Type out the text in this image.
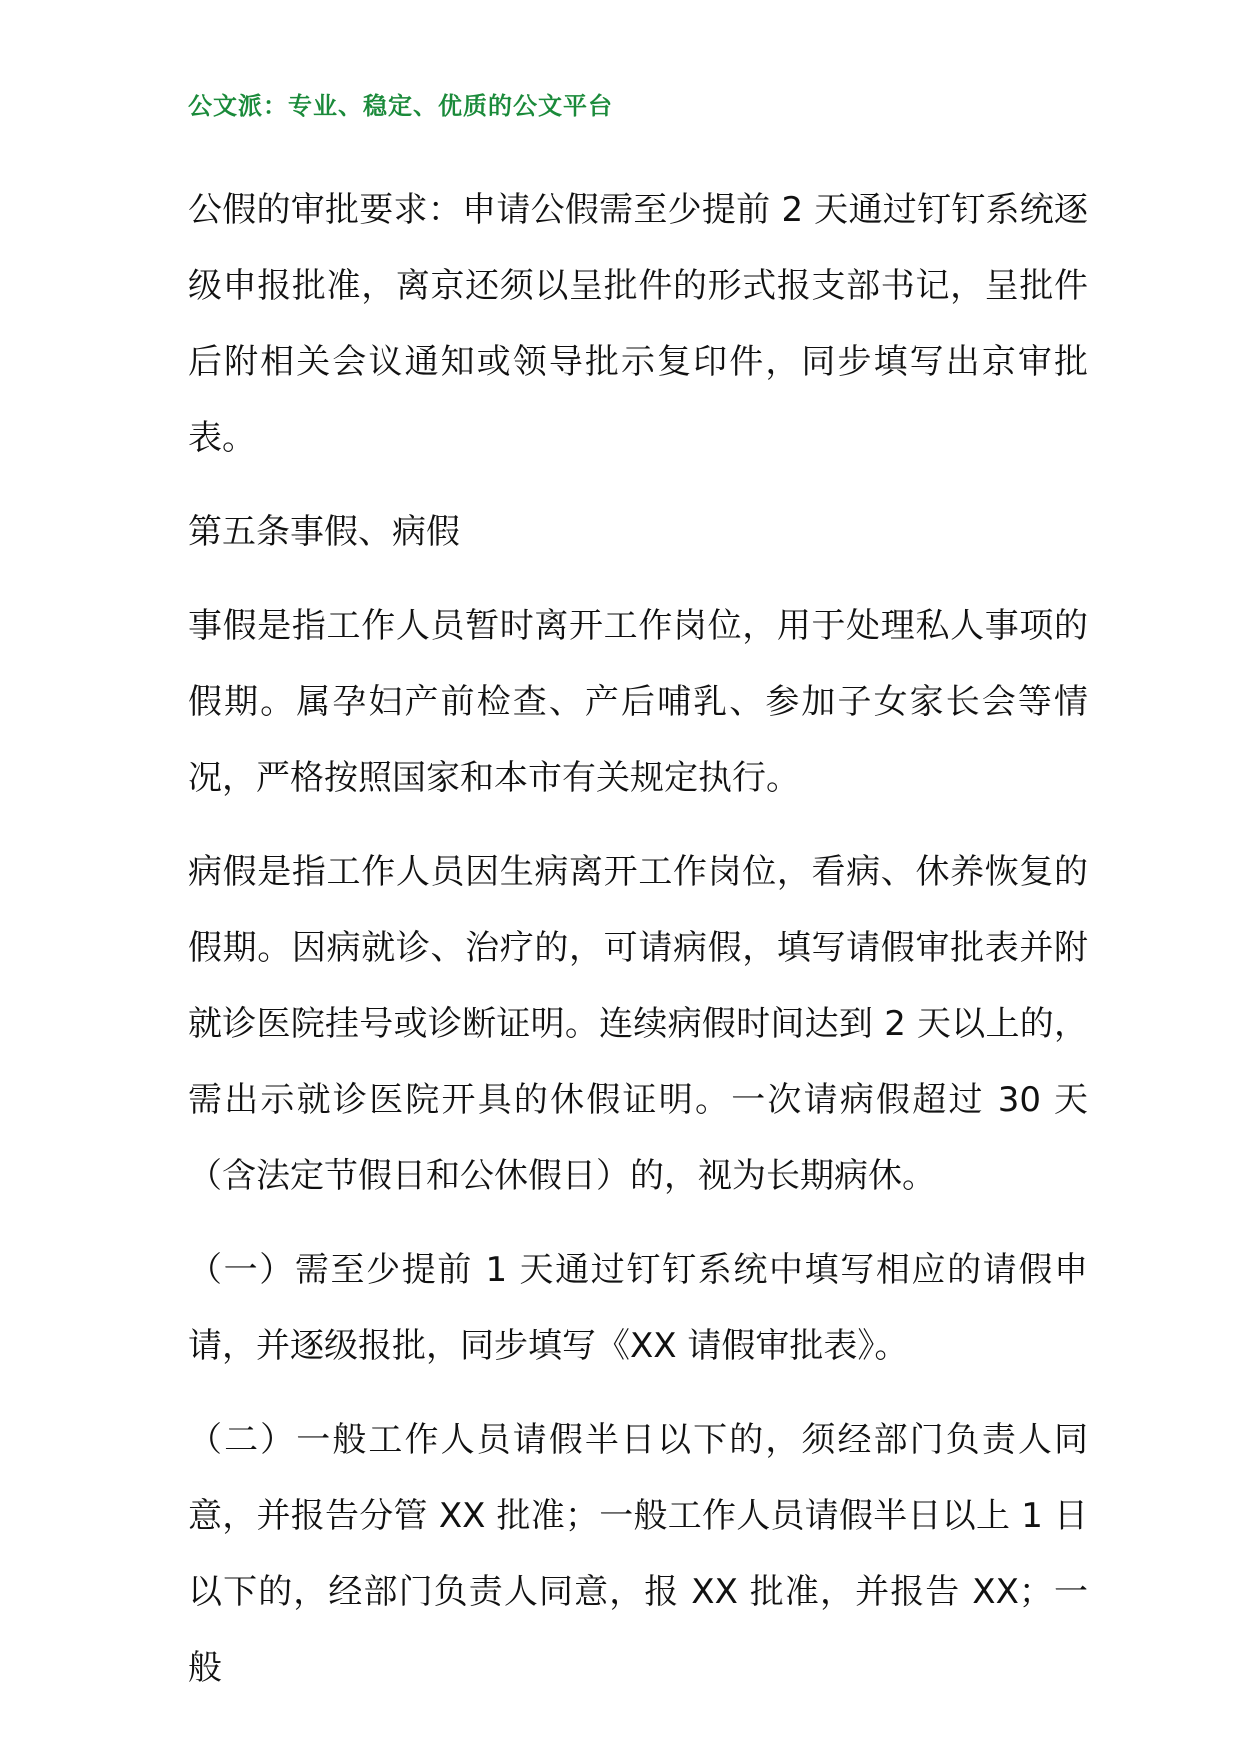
公文派：专业、稳定、优质的公文平台

公假的审批要求：申请公假需至少提前 2 天通过钉钉系统逐级申报批准，离京还须以呈批件的形式报支部书记，呈批件后附相关会议通知或领导批示复印件，同步填写出京审批表。

第五条事假、病假

事假是指工作人员暂时离开工作岗位，用于处理私人事项的假期。属孕妇产前检查、产后哺乳、参加子女家长会等情况，严格按照国家和本市有关规定执行。

病假是指工作人员因生病离开工作岗位，看病、休养恢复的假期。因病就诊、治疗的，可请病假，填写请假审批表并附就诊医院挂号或诊断证明。连续病假时间达到 2 天以上的，需出示就诊医院开具的休假证明。一次请病假超过 30 天（含法定节假日和公休假日）的，视为长期病休。

（一）需至少提前 1 天通过钉钉系统中填写相应的请假申请，并逐级报批，同步填写《XX 请假审批表》。

（二）一般工作人员请假半日以下的，须经部门负责人同意，并报告分管 XX 批准；一般工作人员请假半日以上 1 日以下的，经部门负责人同意，报 XX 批准，并报告 XX；一般
